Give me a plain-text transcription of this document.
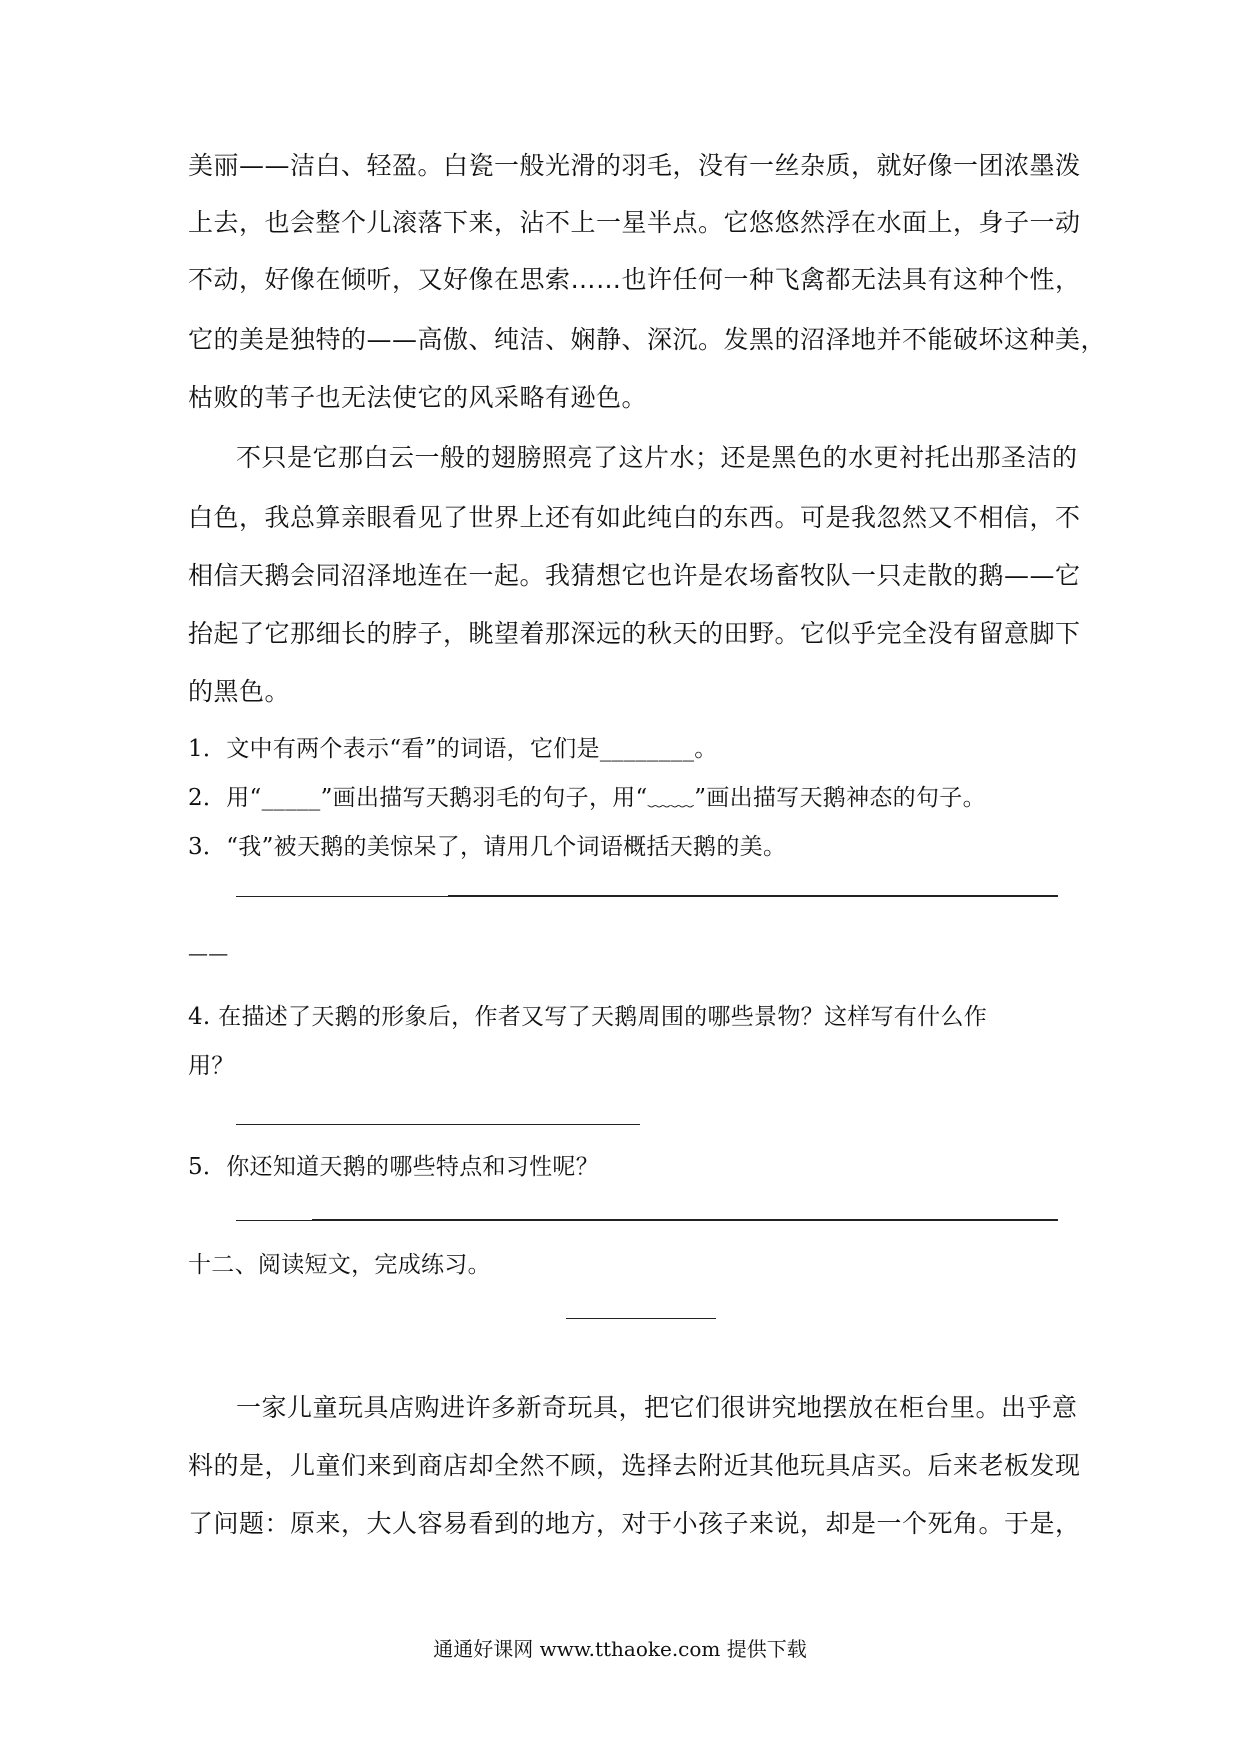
美丽——洁白、轻盈。白瓷一般光滑的羽毛，没有一丝杂质，就好像一团浓墨泼
上去，也会整个儿滚落下来，沾不上一星半点。它悠悠然浮在水面上，身子一动
不动，好像在倾听，又好像在思索……也许任何一种飞禽都无法具有这种个性，
它的美是独特的——高傲、纯洁、娴静、深沉。发黑的沼泽地并不能破坏这种美，
枯败的苇子也无法使它的风采略有逊色。
不只是它那白云一般的翅膀照亮了这片水；还是黑色的水更衬托出那圣洁的
白色，我总算亲眼看见了世界上还有如此纯白的东西。可是我忽然又不相信，不
相信天鹅会同沼泽地连在一起。我猜想它也许是农场畜牧队一只走散的鹅——它
抬起了它那细长的脖子，眺望着那深远的秋天的田野。它似乎完全没有留意脚下
的黑色。
1．文中有两个表示“看”的词语，它们是________。
2．用“_____”画出描写天鹅羽毛的句子，用“﹏﹏”画出描写天鹅神态的句子。
3．“我”被天鹅的美惊呆了，请用几个词语概括天鹅的美。
——
4. 在描述了天鹅的形象后，作者又写了天鹅周围的哪些景物？这样写有什么作
用？
5．你还知道天鹅的哪些特点和习性呢？
十二、阅读短文，完成练习。
一家儿童玩具店购进许多新奇玩具，把它们很讲究地摆放在柜台里。出乎意
料的是，儿童们来到商店却全然不顾，选择去附近其他玩具店买。后来老板发现
了问题：原来，大人容易看到的地方，对于小孩子来说，却是一个死角。于是，
通通好课网 www.tthaoke.com 提供下载
